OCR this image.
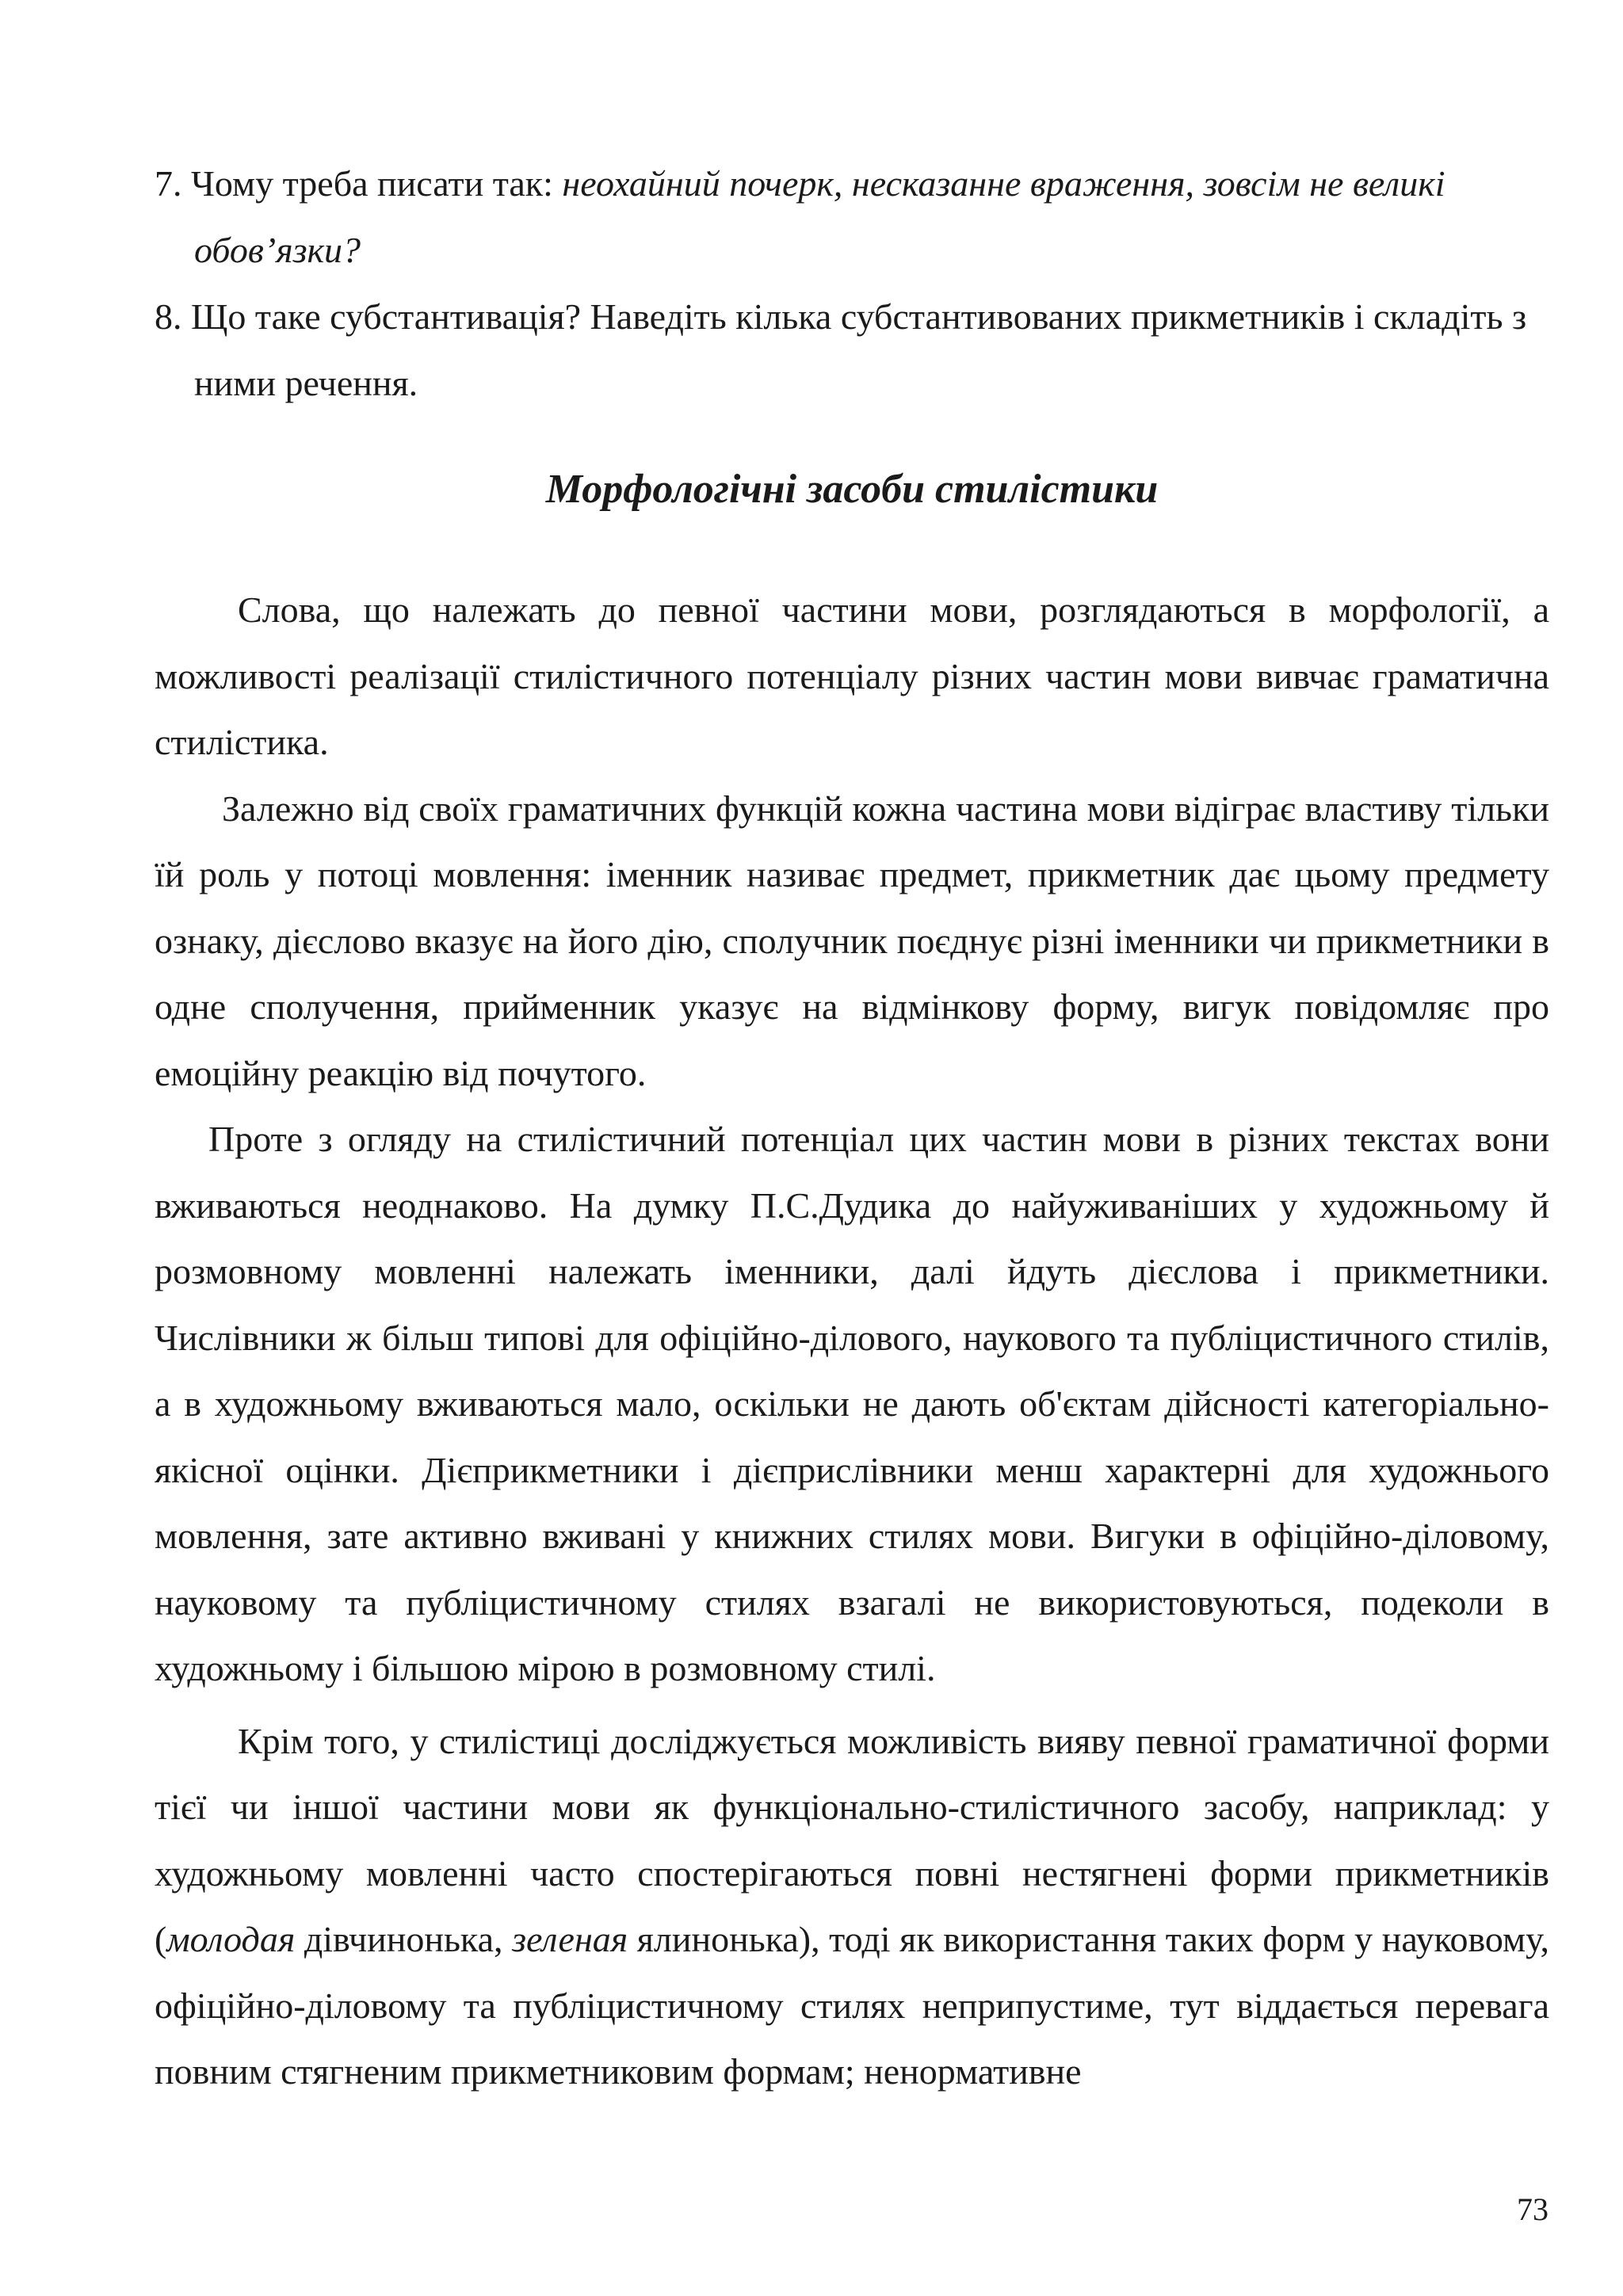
7. Чому треба писати так: неохайний почерк, несказанне враження, зовсім не великі обов’язки?

8. Що таке субстантивація? Наведіть кілька субстантивованих прикметників і складіть з ними речення.

Морфологічні засоби стилістики

Слова, що належать до певної частини мови, розглядаються в морфології, а можливості реалізації стилістичного потенціалу різних частин мови вивчає граматична стилістика.

Залежно від своїх граматичних функцій кожна частина мови відіграє властиву тільки їй роль у потоці мовлення: іменник називає предмет, прикметник дає цьому предмету ознаку, дієслово вказує на його дію, сполучник поєднує різні іменники чи прикметники в одне сполучення, прийменник указує на відмінкову форму, вигук повідомляє про емоційну реакцію від почутого.

Проте з огляду на стилістичний потенціал цих частин мови в різних текстах вони вживаються неоднаково. На думку П.С.Дудика до найуживаніших у художньому й розмовному мовленні належать іменники, далі йдуть дієслова і прикметники. Числівники ж більш типові для офіційно-ділового, наукового та публіцистичного стилів, а в художньому вживаються мало, оскільки не дають об'єктам дійсності категоріально-якісної оцінки. Дієприкметники і дієприслівники менш характерні для художнього мовлення, зате активно вживані у книжних стилях мови. Вигуки в офіційно-діловому, науковому та публіцистичному стилях взагалі не використовуються, подеколи в художньому і більшою мірою в розмовному стилі.

Крім того, у стилістиці досліджується можливість вияву певної граматичної форми тієї чи іншої частини мови як функціонально-стилістичного засобу, наприклад: у художньому мовленні часто спостерігаються повні нестягнені форми прикметників (молодая дівчинонька, зеленая ялинонька), тоді як використання таких форм у науковому, офіційно-діловому та публіцистичному стилях неприпустиме, тут віддається перевага повним стягненим прикметниковим формам; ненормативне

73
